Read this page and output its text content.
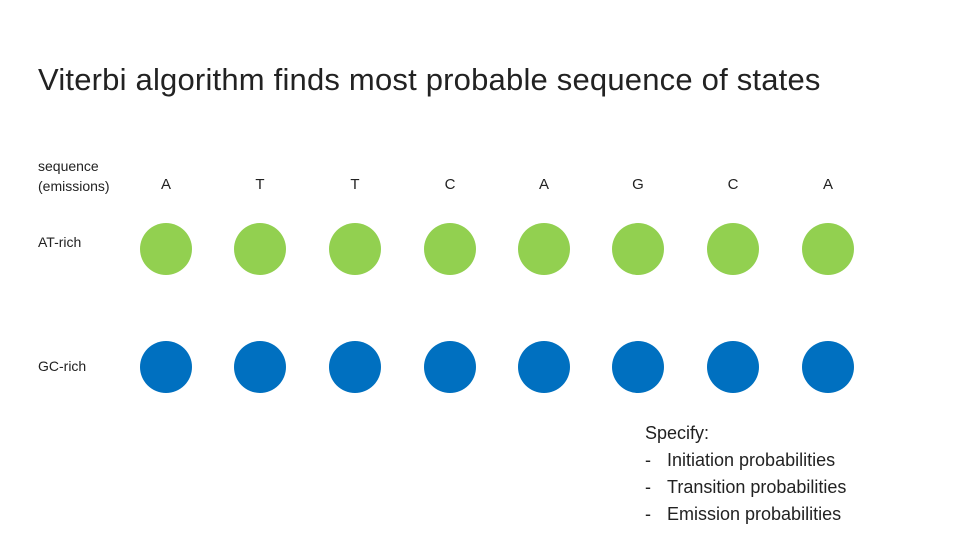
Viterbi algorithm finds most probable sequence of states
sequence
(emissions)	A	T	T	C	A	G	C	A
AT-rich
GC-rich
Specify:
- Initiation probabilities
- Transition probabilities
- Emission probabilities
